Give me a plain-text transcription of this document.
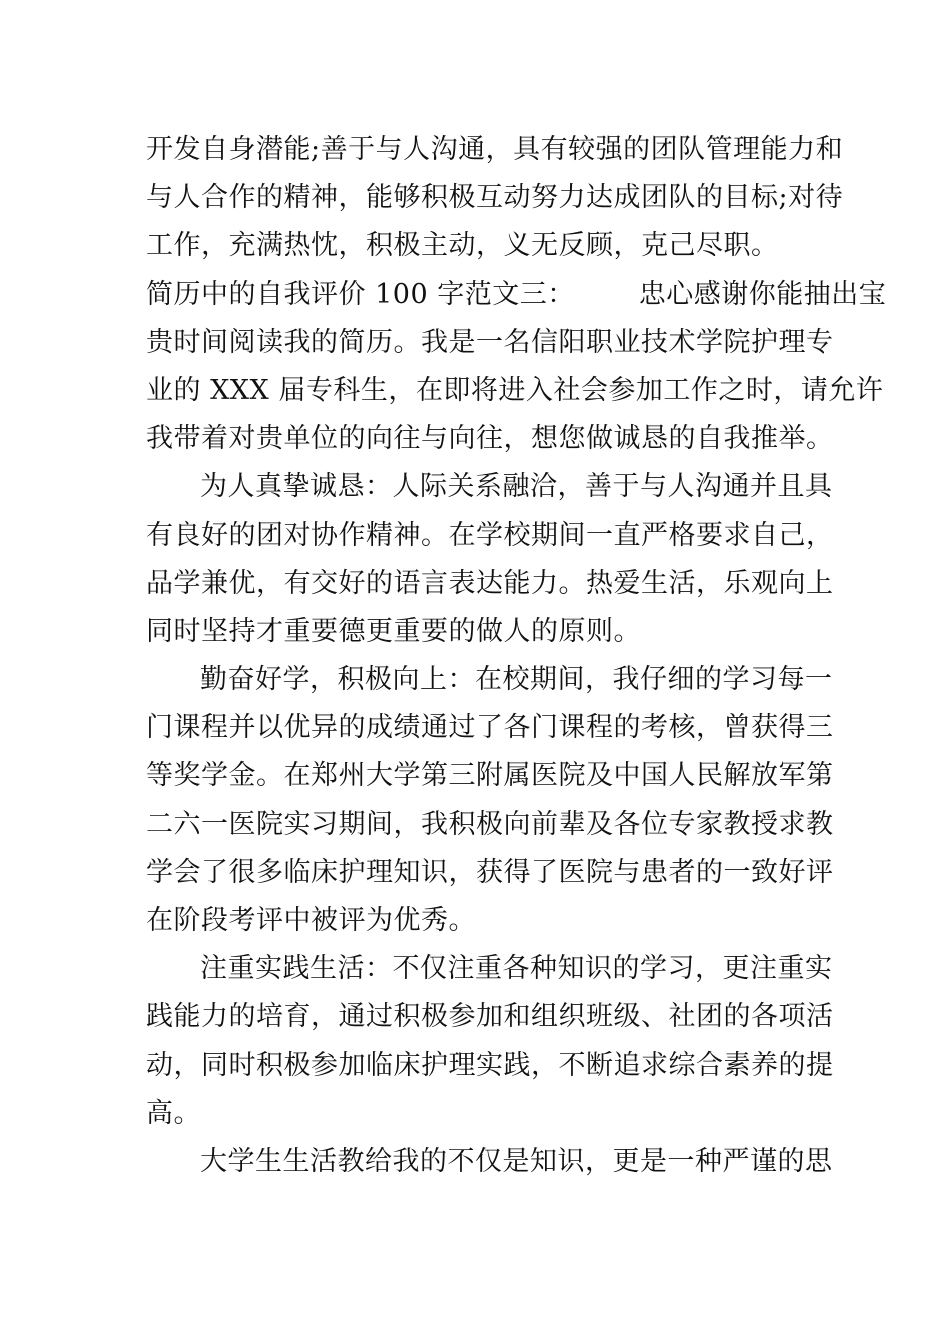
开发自身潜能;善于与人沟通，具有较强的团队管理能力和
与人合作的精神，能够积极互动努力达成团队的目标;对待
工作，充满热忱，积极主动，义无反顾，克己尽职。
简历中的自我评价 100 字范文三： 忠心感谢你能抽出宝
贵时间阅读我的简历。我是一名信阳职业技术学院护理专
业的 XXX 届专科生，在即将进入社会参加工作之时，请允许
我带着对贵单位的向往与向往，想您做诚恳的自我推举。
为人真挚诚恳：人际关系融洽，善于与人沟通并且具
有良好的团对协作精神。在学校期间一直严格要求自己，
品学兼优，有交好的语言表达能力。热爱生活，乐观向上
同时坚持才重要德更重要的做人的原则。
勤奋好学，积极向上：在校期间，我仔细的学习每一
门课程并以优异的成绩通过了各门课程的考核，曾获得三
等奖学金。在郑州大学第三附属医院及中国人民解放军第
二六一医院实习期间，我积极向前辈及各位专家教授求教
学会了很多临床护理知识，获得了医院与患者的一致好评
在阶段考评中被评为优秀。
注重实践生活：不仅注重各种知识的学习，更注重实
践能力的培育，通过积极参加和组织班级、社团的各项活
动，同时积极参加临床护理实践，不断追求综合素养的提
高。
大学生生活教给我的不仅是知识，更是一种严谨的思
